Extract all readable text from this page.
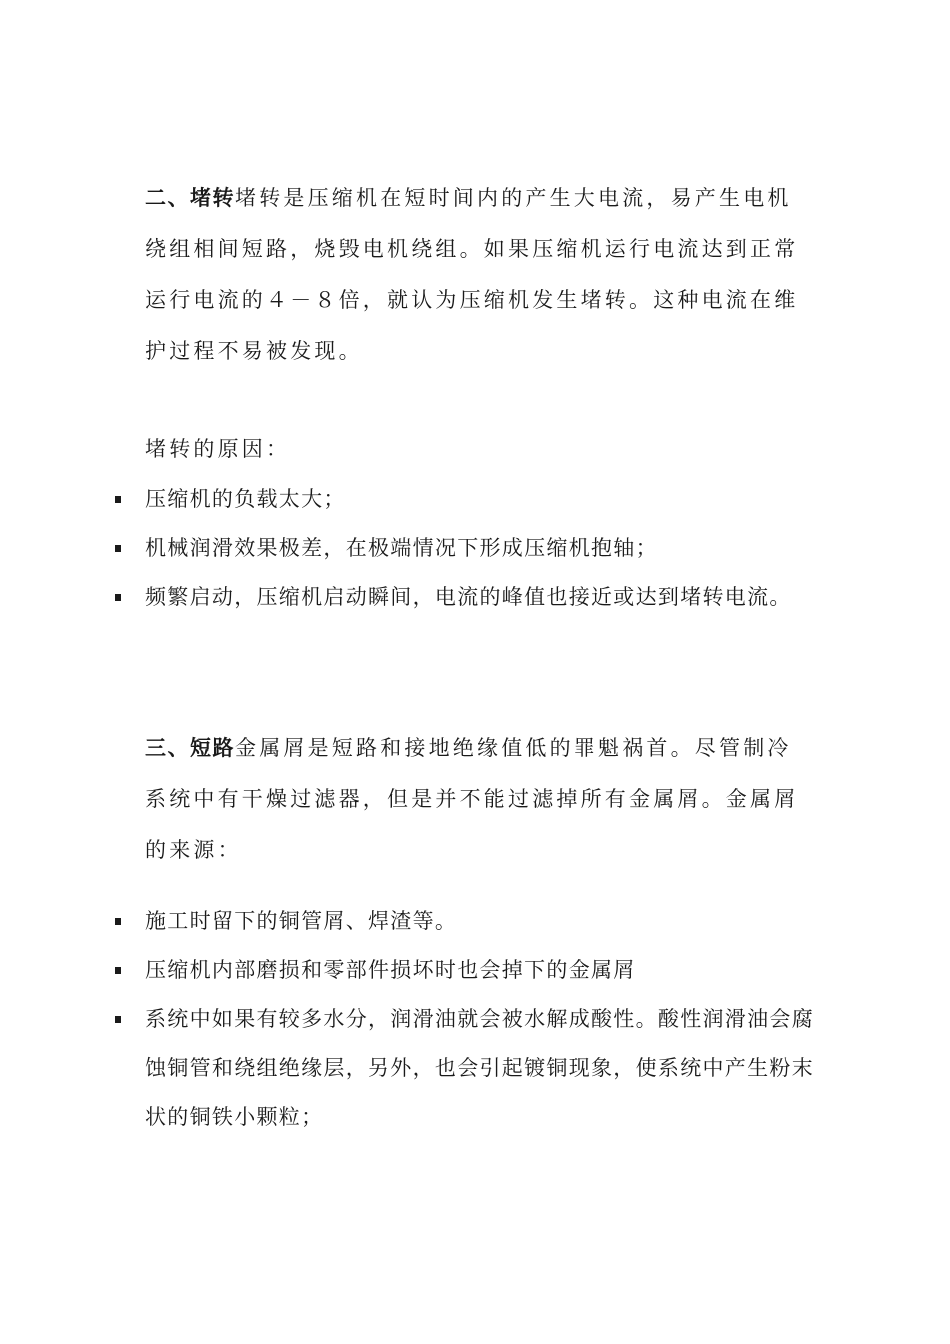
二、堵转堵转是压缩机在短时间内的产生大电流，易产生电机绕组相间短路，烧毁电机绕组。如果压缩机运行电流达到正常运行电流的４－８倍，就认为压缩机发生堵转。这种电流在维护过程不易被发现。

堵转的原因：

压缩机的负载太大；
机械润滑效果极差，在极端情况下形成压缩机抱轴；
频繁启动，压缩机启动瞬间，电流的峰值也接近或达到堵转电流。

三、短路金属屑是短路和接地绝缘值低的罪魁祸首。尽管制冷系统中有干燥过滤器，但是并不能过滤掉所有金属屑。金属屑的来源：

施工时留下的铜管屑、焊渣等。
压缩机内部磨损和零部件损坏时也会掉下的金属屑
系统中如果有较多水分，润滑油就会被水解成酸性。酸性润滑油会腐蚀铜管和绕组绝缘层，另外，也会引起镀铜现象，使系统中产生粉末状的铜铁小颗粒；
